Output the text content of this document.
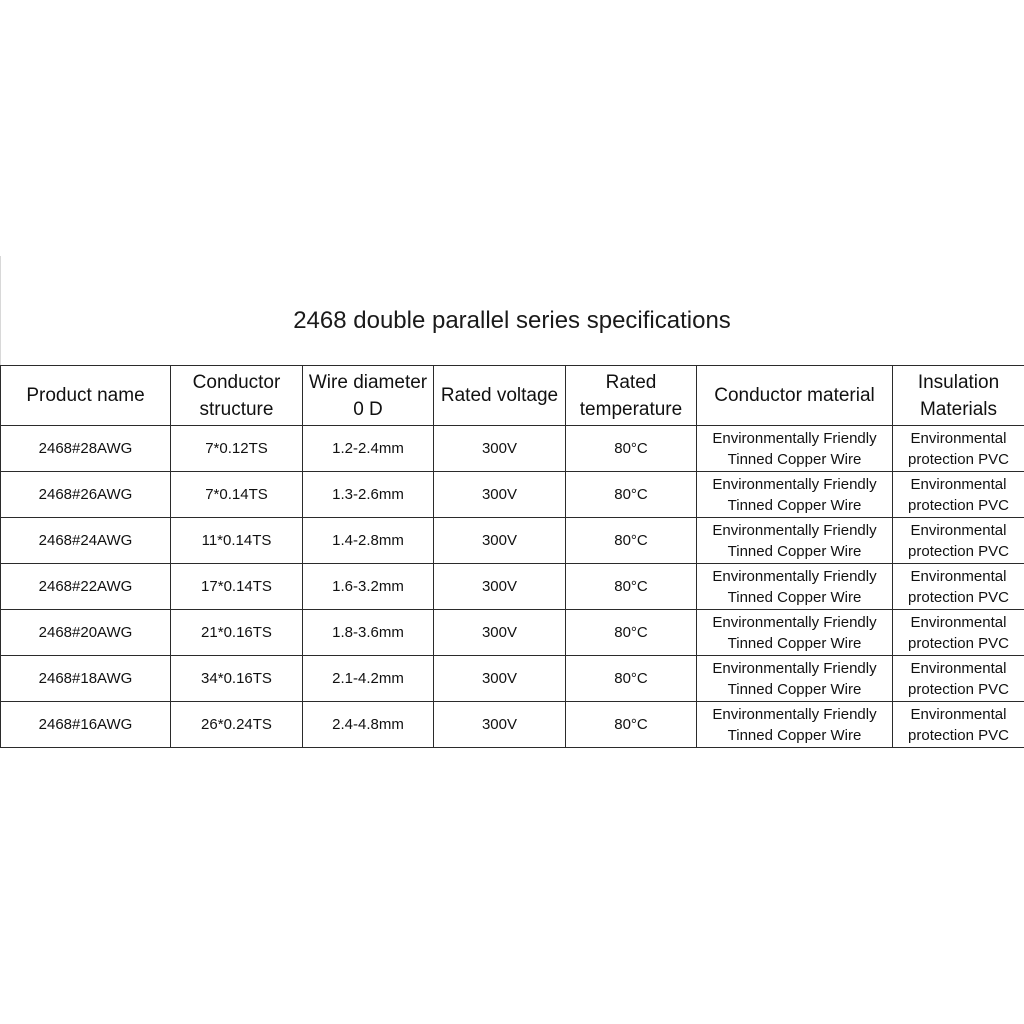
2468 double parallel series specifications
Product name	Conductor structure	Wire diameter 0 D	Rated voltage	Rated temperature	Conductor material	Insulation Materials
2468#28AWG	7*0.12TS	1.2-2.4mm	300V	80°C	Environmentally Friendly Tinned Copper Wire	Environmental protection PVC
2468#26AWG	7*0.14TS	1.3-2.6mm	300V	80°C	Environmentally Friendly Tinned Copper Wire	Environmental protection PVC
2468#24AWG	11*0.14TS	1.4-2.8mm	300V	80°C	Environmentally Friendly Tinned Copper Wire	Environmental protection PVC
2468#22AWG	17*0.14TS	1.6-3.2mm	300V	80°C	Environmentally Friendly Tinned Copper Wire	Environmental protection PVC
2468#20AWG	21*0.16TS	1.8-3.6mm	300V	80°C	Environmentally Friendly Tinned Copper Wire	Environmental protection PVC
2468#18AWG	34*0.16TS	2.1-4.2mm	300V	80°C	Environmentally Friendly Tinned Copper Wire	Environmental protection PVC
2468#16AWG	26*0.24TS	2.4-4.8mm	300V	80°C	Environmentally Friendly Tinned Copper Wire	Environmental protection PVC
